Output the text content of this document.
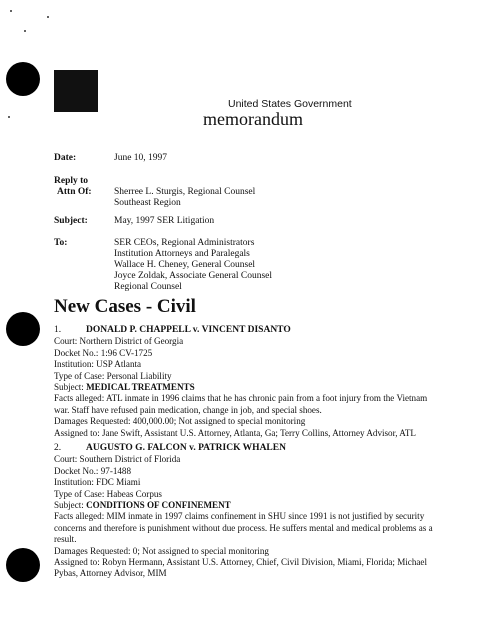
United States Government
memorandum
Date:	June 10, 1997
Reply to
Attn Of: Sherree L. Sturgis, Regional Counsel
Southeast Region
Subject:	May, 1997 SER Litigation
To:	SER CEOs, Regional Administrators
Institution Attorneys and Paralegals
Wallace H. Cheney, General Counsel
Joyce Zoldak, Associate General Counsel
Regional Counsel
New Cases - Civil
1.	DONALD P. CHAPPELL v. VINCENT DISANTO
Court: Northern District of Georgia
Docket No.: 1:96 CV-1725
Institution: USP Atlanta
Type of Case: Personal Liability
Subject: MEDICAL TREATMENTS
Facts alleged: ATL inmate in 1996 claims that he has chronic pain from a foot injury from the Vietnam war. Staff have refused pain medication, change in job, and special shoes.
Damages Requested: 400,000.00; Not assigned to special monitoring
Assigned to: Jane Swift, Assistant U.S. Attorney, Atlanta, Ga; Terry Collins, Attorney Advisor, ATL
2.	AUGUSTO G. FALCON v. PATRICK WHALEN
Court: Southern District of Florida
Docket No.: 97-1488
Institution: FDC Miami
Type of Case: Habeas Corpus
Subject: CONDITIONS OF CONFINEMENT
Facts alleged: MIM inmate in 1997 claims confinement in SHU since 1991 is not justified by security concerns and therefore is punishment without due process. He suffers mental and medical problems as a result.
Damages Requested: 0; Not assigned to special monitoring
Assigned to: Robyn Hermann, Assistant U.S. Attorney, Chief, Civil Division, Miami, Florida; Michael Pybas, Attorney Advisor, MIM
